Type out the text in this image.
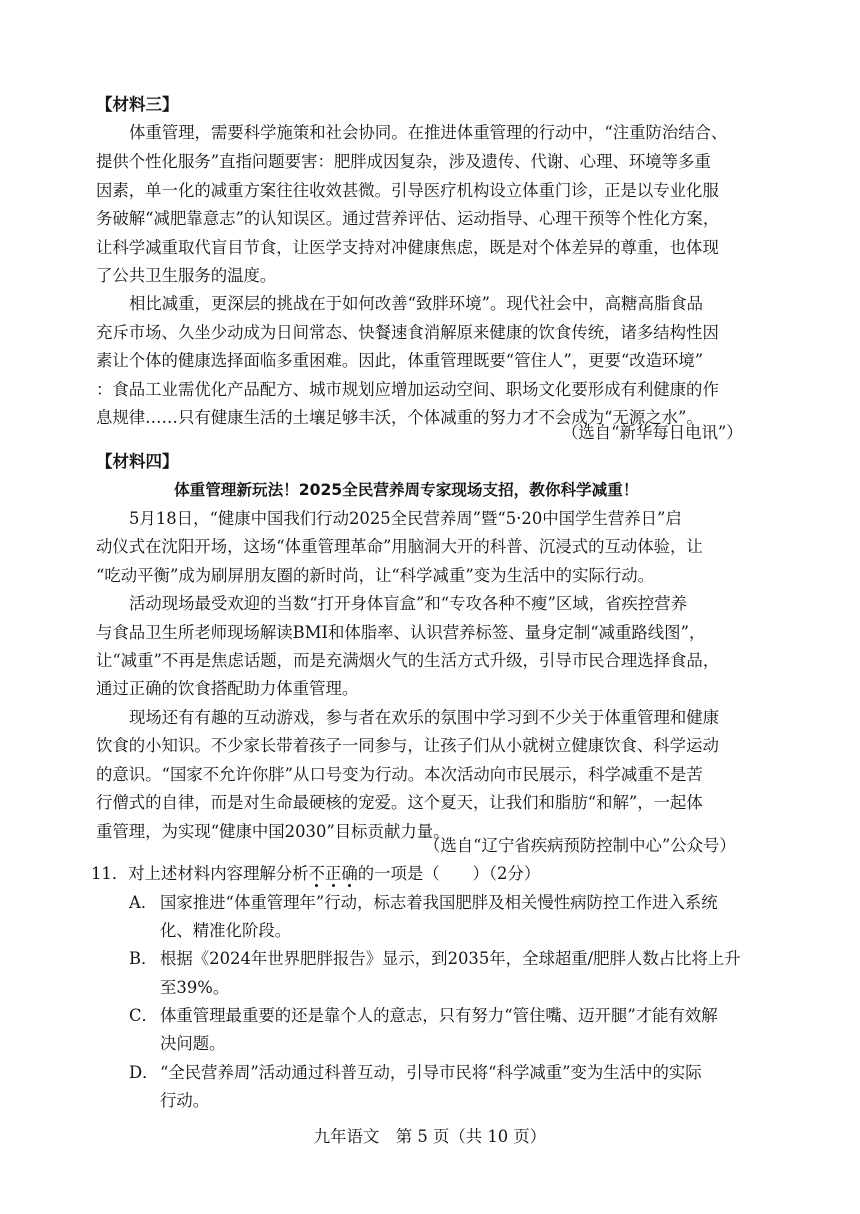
【材料三】
体重管理，需要科学施策和社会协同。在推进体重管理的行动中，“注重防治结合、
提供个性化服务”直指问题要害：肥胖成因复杂，涉及遗传、代谢、心理、环境等多重
因素，单一化的减重方案往往收效甚微。引导医疗机构设立体重门诊，正是以专业化服
务破解“减肥靠意志”的认知误区。通过营养评估、运动指导、心理干预等个性化方案，
让科学减重取代盲目节食，让医学支持对冲健康焦虑，既是对个体差异的尊重，也体现
了公共卫生服务的温度。
相比减重，更深层的挑战在于如何改善“致胖环境”。现代社会中，高糖高脂食品
充斥市场、久坐少动成为日间常态、快餐速食消解原来健康的饮食传统，诸多结构性因
素让个体的健康选择面临多重困难。因此，体重管理既要“管住人”，更要“改造环境”
：食品工业需优化产品配方、城市规划应增加运动空间、职场文化要形成有利健康的作
息规律……只有健康生活的土壤足够丰沃，个体减重的努力才不会成为“无源之水”。
（选自“新华每日电讯”）
【材料四】
体重管理新玩法！2025全民营养周专家现场支招，教你科学减重！
5月18日，“健康中国我们行动2025全民营养周”暨“5·20中国学生营养日”启
动仪式在沈阳开场，这场“体重管理革命”用脑洞大开的科普、沉浸式的互动体验，让
“吃动平衡”成为刷屏朋友圈的新时尚，让“科学减重”变为生活中的实际行动。
活动现场最受欢迎的当数“打开身体盲盒”和“专攻各种不瘦”区域，省疾控营养
与食品卫生所老师现场解读BMI和体脂率、认识营养标签、量身定制“减重路线图”，
让“减重”不再是焦虑话题，而是充满烟火气的生活方式升级，引导市民合理选择食品，
通过正确的饮食搭配助力体重管理。
现场还有有趣的互动游戏，参与者在欢乐的氛围中学习到不少关于体重管理和健康
饮食的小知识。不少家长带着孩子一同参与，让孩子们从小就树立健康饮食、科学运动
的意识。“国家不允许你胖”从口号变为行动。本次活动向市民展示，科学减重不是苦
行僧式的自律，而是对生命最硬核的宠爱。这个夏天，让我们和脂肪“和解”，一起体
重管理，为实现“健康中国2030”目标贡献力量。
（选自“辽宁省疾病预防控制中心”公众号）
11．对上述材料内容理解分析不正确的一项是（　　）（2分）
A． 国家推进“体重管理年”行动，标志着我国肥胖及相关慢性病防控工作进入系统
化、精准化阶段。
B． 根据《2024年世界肥胖报告》显示，到2035年，全球超重/肥胖人数占比将上升
至39%。
C． 体重管理最重要的还是靠个人的意志，只有努力“管住嘴、迈开腿”才能有效解
决问题。
D． “全民营养周”活动通过科普互动，引导市民将“科学减重”变为生活中的实际
行动。
九年语文　第 5 页（共 10 页）
